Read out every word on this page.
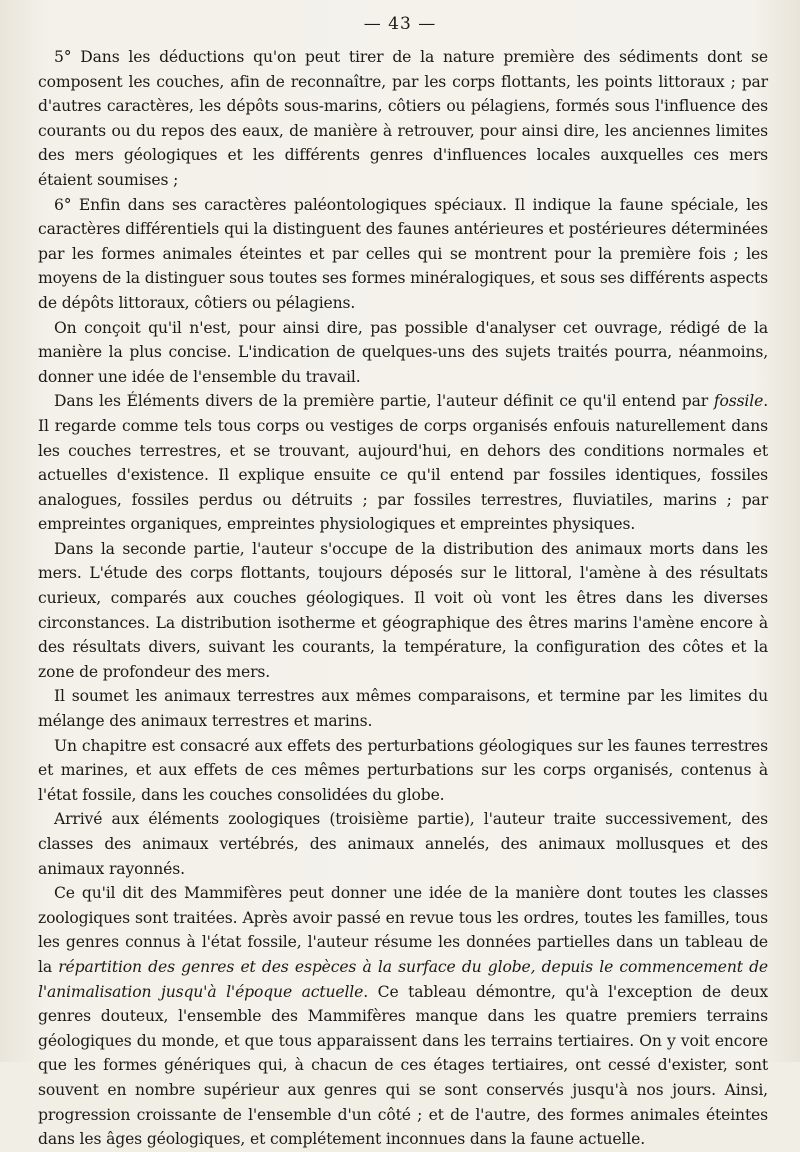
— 43 —

5° Dans les déductions qu'on peut tirer de la nature première des sédiments dont se composent les couches, afin de reconnaître, par les corps flottants, les points littoraux ; par d'autres caractères, les dépôts sous-marins, côtiers ou pélagiens, formés sous l'influence des courants ou du repos des eaux, de manière à retrouver, pour ainsi dire, les anciennes limites des mers géologiques et les différents genres d'influences locales auxquelles ces mers étaient soumises ;

6° Enfin dans ses caractères paléontologiques spéciaux. Il indique la faune spéciale, les caractères différentiels qui la distinguent des faunes antérieures et postérieures déterminées par les formes animales éteintes et par celles qui se montrent pour la première fois ; les moyens de la distinguer sous toutes ses formes minéralogiques, et sous ses différents aspects de dépôts littoraux, côtiers ou pélagiens.

On conçoit qu'il n'est, pour ainsi dire, pas possible d'analyser cet ouvrage, rédigé de la manière la plus concise. L'indication de quelques-uns des sujets traités pourra, néanmoins, donner une idée de l'ensemble du travail.

Dans les Éléments divers de la première partie, l'auteur définit ce qu'il entend par fossile. Il regarde comme tels tous corps ou vestiges de corps organisés enfouis naturellement dans les couches terrestres, et se trouvant, aujourd'hui, en dehors des conditions normales et actuelles d'existence. Il explique ensuite ce qu'il entend par fossiles identiques, fossiles analogues, fossiles perdus ou détruits ; par fossiles terrestres, fluviatiles, marins ; par empreintes organiques, empreintes physiologiques et empreintes physiques.

Dans la seconde partie, l'auteur s'occupe de la distribution des animaux morts dans les mers. L'étude des corps flottants, toujours déposés sur le littoral, l'amène à des résultats curieux, comparés aux couches géologiques. Il voit où vont les êtres dans les diverses circonstances. La distribution isotherme et géographique des êtres marins l'amène encore à des résultats divers, suivant les courants, la température, la configuration des côtes et la zone de profondeur des mers.

Il soumet les animaux terrestres aux mêmes comparaisons, et termine par les limites du mélange des animaux terrestres et marins.

Un chapitre est consacré aux effets des perturbations géologiques sur les faunes terrestres et marines, et aux effets de ces mêmes perturbations sur les corps organisés, contenus à l'état fossile, dans les couches consolidées du globe.

Arrivé aux éléments zoologiques (troisième partie), l'auteur traite successivement, des classes des animaux vertébrés, des animaux annelés, des animaux mollusques et des animaux rayonnés.

Ce qu'il dit des Mammifères peut donner une idée de la manière dont toutes les classes zoologiques sont traitées. Après avoir passé en revue tous les ordres, toutes les familles, tous les genres connus à l'état fossile, l'auteur résume les données partielles dans un tableau de la répartition des genres et des espèces à la surface du globe, depuis le commencement de l'animalisation jusqu'à l'époque actuelle. Ce tableau démontre, qu'à l'exception de deux genres douteux, l'ensemble des Mammifères manque dans les quatre premiers terrains géologiques du monde, et que tous apparaissent dans les terrains tertiaires. On y voit encore que les formes génériques qui, à chacun de ces étages tertiaires, ont cessé d'exister, sont souvent en nombre supérieur aux genres qui se sont conservés jusqu'à nos jours. Ainsi, progression croissante de l'ensemble d'un côté ; et de l'autre, des formes animales éteintes dans les âges géologiques, et complétement inconnues dans la faune actuelle.
